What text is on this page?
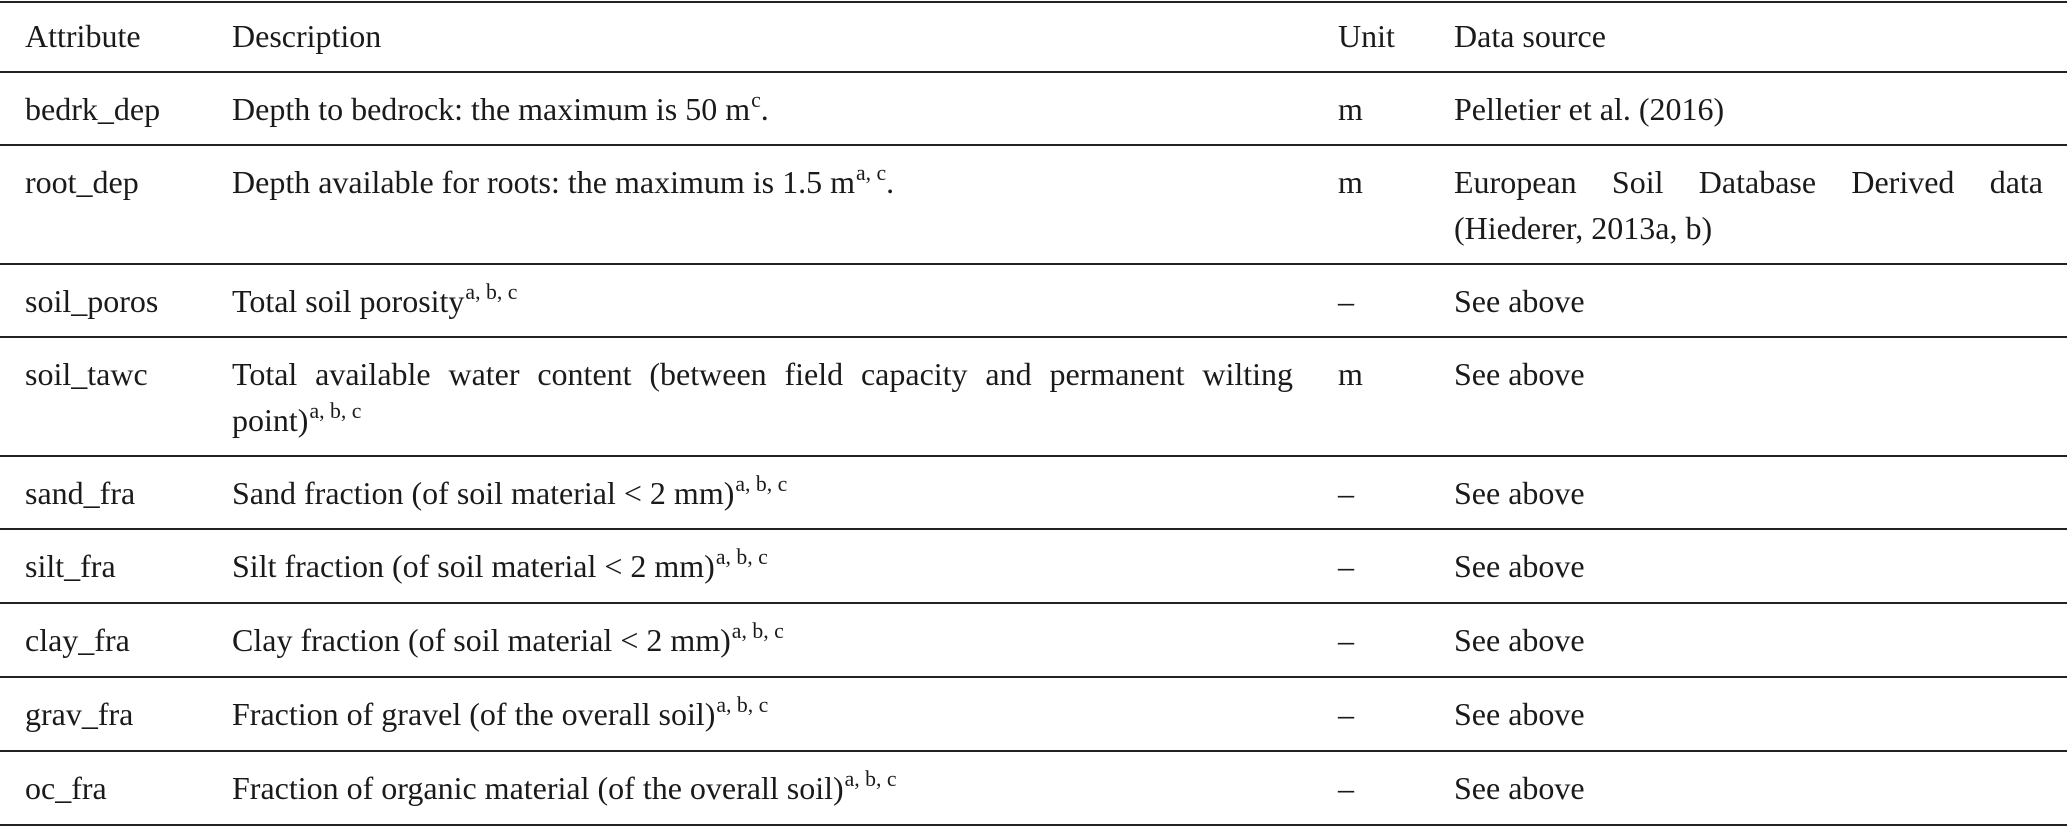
Attribute	Description	Unit	Data source
bedrk_dep	Depth to bedrock: the maximum is 50 $m^c$.	m	Pelletier et al. (2016)
root_dep	Depth available for roots: the maximum is 1.5 $m^{a, c}$.	m	European Soil Database Derived data (Hiederer, 2013a, b)
soil_poros	Total soil porosity$^{a, b, c}$	–	See above
soil_tawc	Total available water content (between field capacity and permanent wilting point)$^{a, b, c}$	m	See above
sand_fra	Sand fraction (of soil material < 2 mm)$^{a, b, c}$	–	See above
silt_fra	Silt fraction (of soil material < 2 mm)$^{a, b, c}$	–	See above
clay_fra	Clay fraction (of soil material < 2 mm)$^{a, b, c}$	–	See above
grav_fra	Fraction of gravel (of the overall soil)$^{a, b, c}$	–	See above
oc_fra	Fraction of organic material (of the overall soil)$^{a, b, c}$	–	See above
